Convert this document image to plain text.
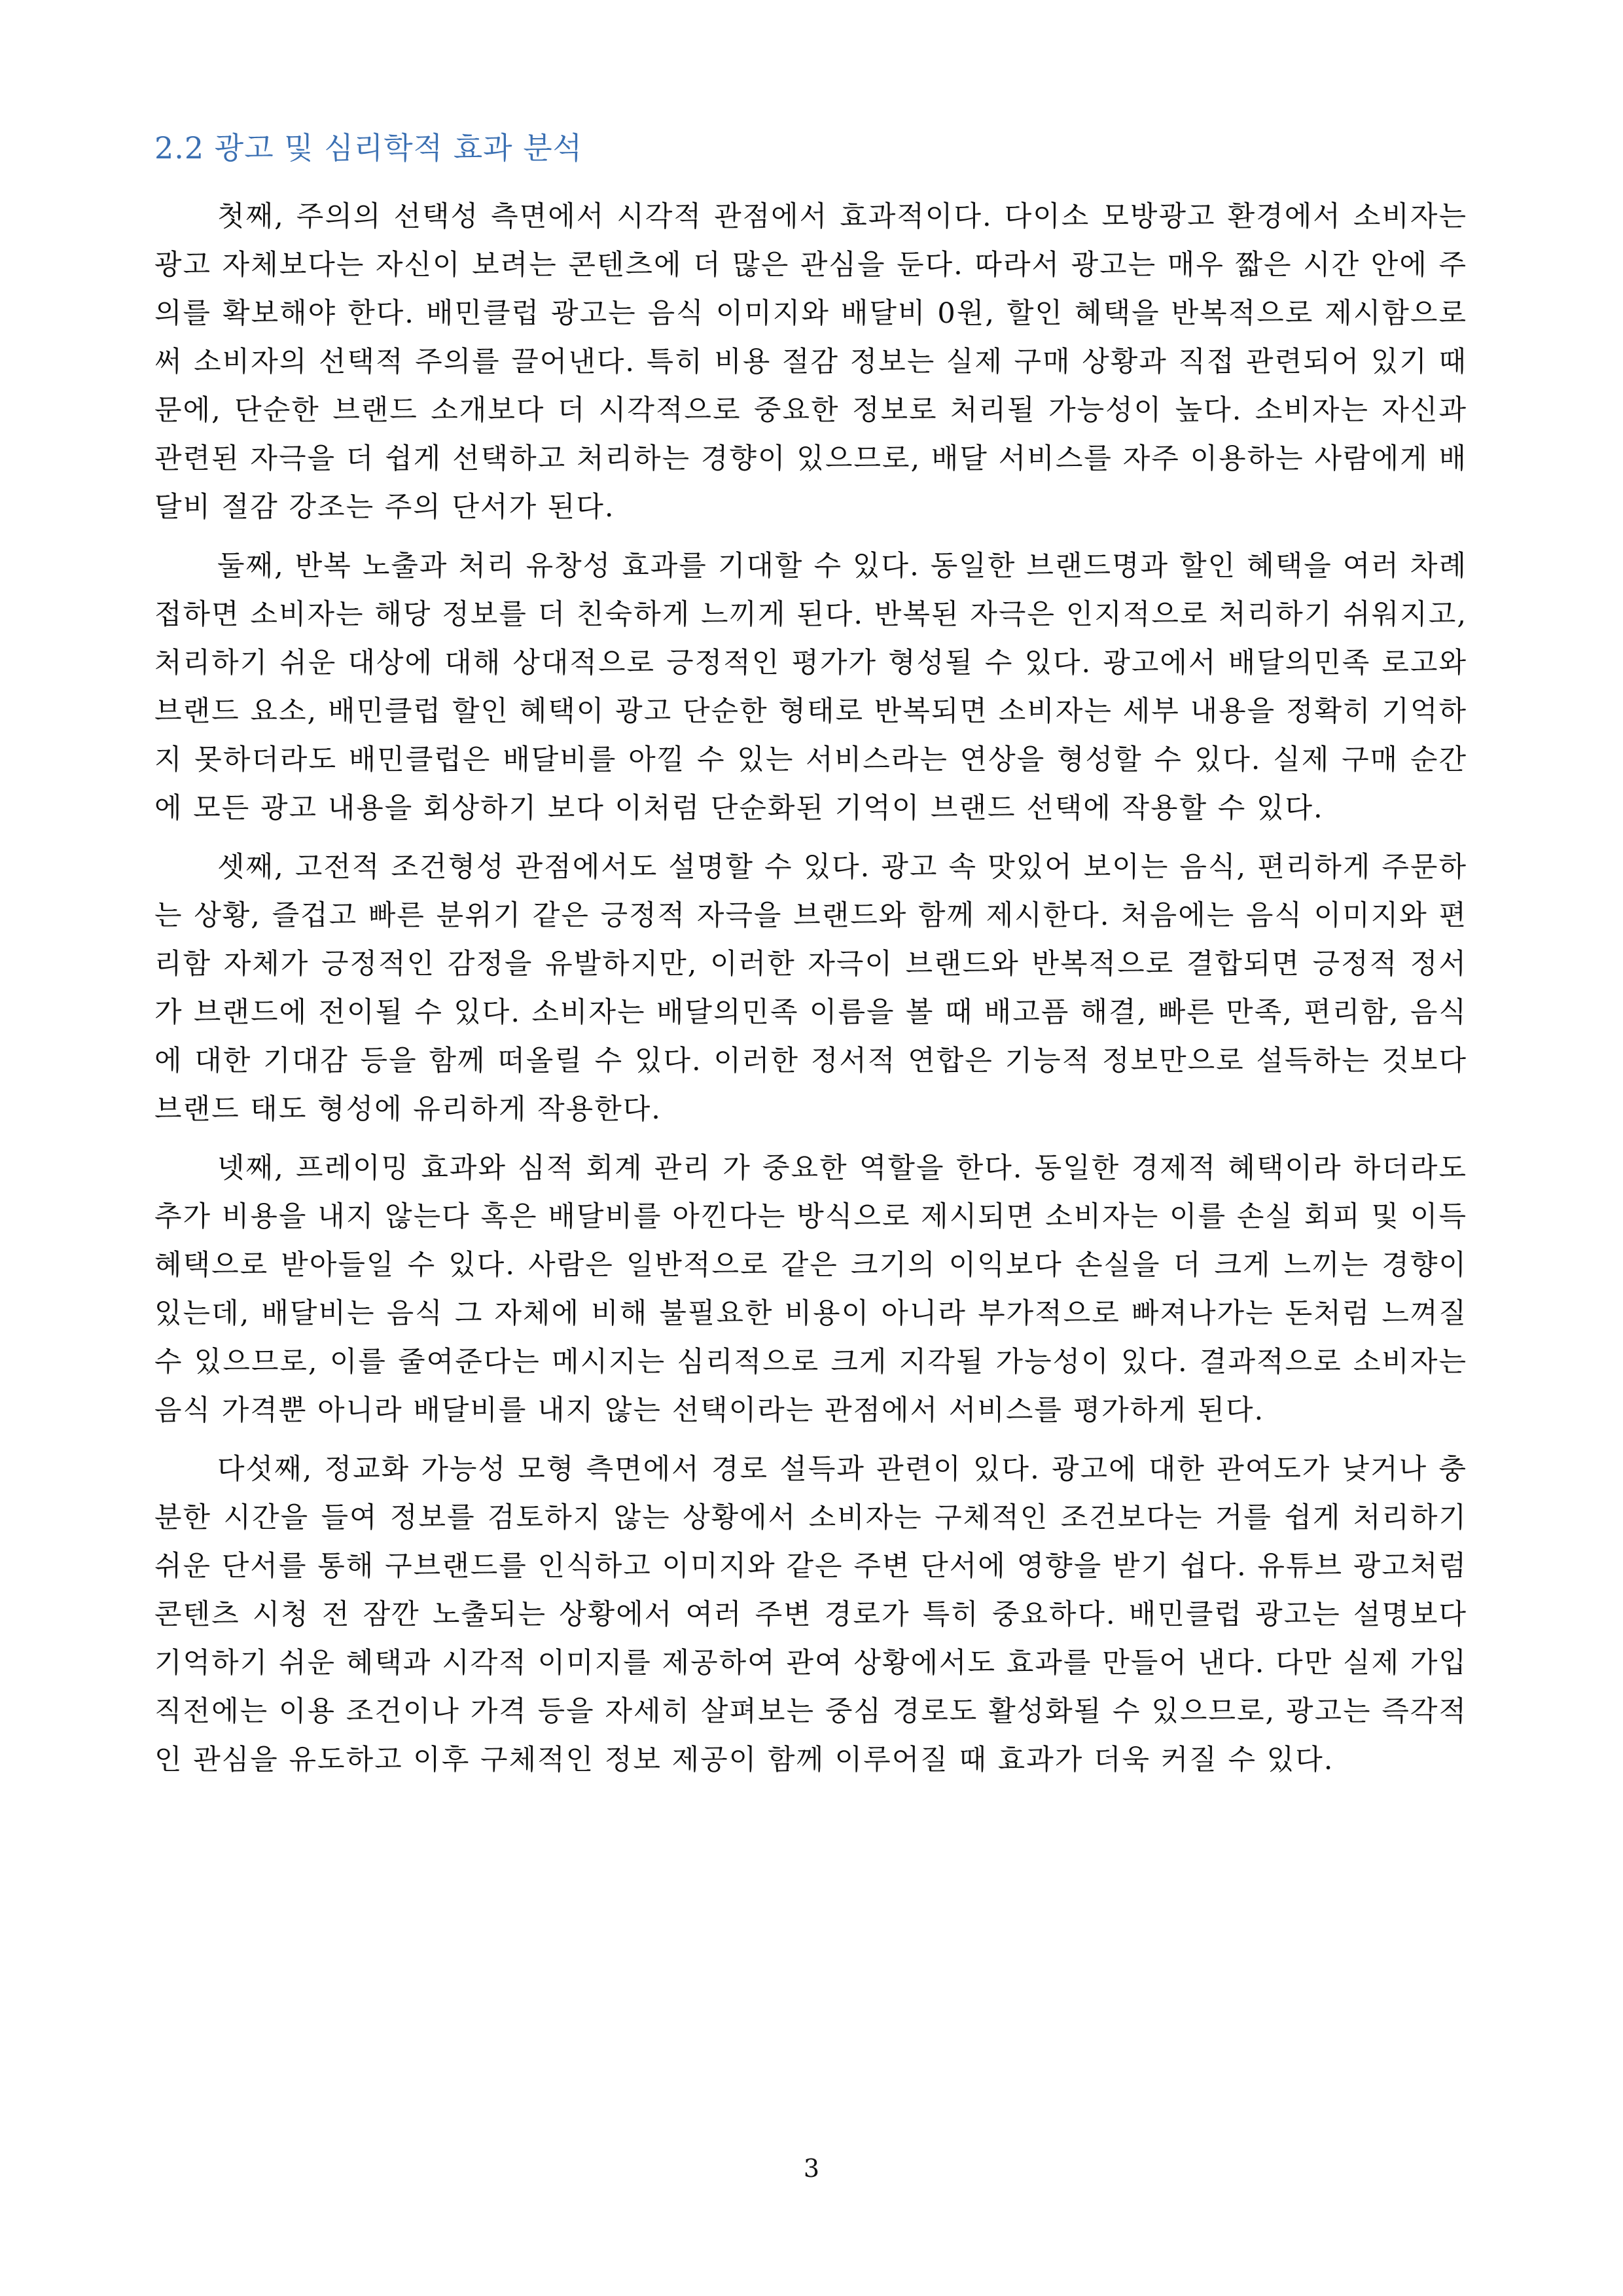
2.2 광고 및 심리학적 효과 분석

첫째, 주의의 선택성 측면에서 시각적 관점에서 효과적이다. 다이소 모방광고 환경에서 소비자는 광고 자체보다는 자신이 보려는 콘텐츠에 더 많은 관심을 둔다. 따라서 광고는 매우 짧은 시간 안에 주의를 확보해야 한다. 배민클럽 광고는 음식 이미지와 배달비 0원, 할인 혜택을 반복적으로 제시함으로써 소비자의 선택적 주의를 끌어낸다. 특히 비용 절감 정보는 실제 구매 상황과 직접 관련되어 있기 때문에, 단순한 브랜드 소개보다 더 시각적으로 중요한 정보로 처리될 가능성이 높다. 소비자는 자신과 관련된 자극을 더 쉽게 선택하고 처리하는 경향이 있으므로, 배달 서비스를 자주 이용하는 사람에게 배달비 절감 강조는 주의 단서가 된다.

둘째, 반복 노출과 처리 유창성 효과를 기대할 수 있다. 동일한 브랜드명과 할인 혜택을 여러 차례 접하면 소비자는 해당 정보를 더 친숙하게 느끼게 된다. 반복된 자극은 인지적으로 처리하기 쉬워지고, 처리하기 쉬운 대상에 대해 상대적으로 긍정적인 평가가 형성될 수 있다. 광고에서 배달의민족 로고와 브랜드 요소, 배민클럽 할인 혜택이 광고 단순한 형태로 반복되면 소비자는 세부 내용을 정확히 기억하지 못하더라도 배민클럽은 배달비를 아낄 수 있는 서비스라는 연상을 형성할 수 있다. 실제 구매 순간에 모든 광고 내용을 회상하기 보다 이처럼 단순화된 기억이 브랜드 선택에 작용할 수 있다.

셋째, 고전적 조건형성 관점에서도 설명할 수 있다. 광고 속 맛있어 보이는 음식, 편리하게 주문하는 상황, 즐겁고 빠른 분위기 같은 긍정적 자극을 브랜드와 함께 제시한다. 처음에는 음식 이미지와 편리함 자체가 긍정적인 감정을 유발하지만, 이러한 자극이 브랜드와 반복적으로 결합되면 긍정적 정서가 브랜드에 전이될 수 있다. 소비자는 배달의민족 이름을 볼 때 배고픔 해결, 빠른 만족, 편리함, 음식에 대한 기대감 등을 함께 떠올릴 수 있다. 이러한 정서적 연합은 기능적 정보만으로 설득하는 것보다 브랜드 태도 형성에 유리하게 작용한다.

넷째, 프레이밍 효과와 심적 회계 관리 가 중요한 역할을 한다. 동일한 경제적 혜택이라 하더라도 추가 비용을 내지 않는다 혹은 배달비를 아낀다는 방식으로 제시되면 소비자는 이를 손실 회피 및 이득 혜택으로 받아들일 수 있다. 사람은 일반적으로 같은 크기의 이익보다 손실을 더 크게 느끼는 경향이 있는데, 배달비는 음식 그 자체에 비해 불필요한 비용이 아니라 부가적으로 빠져나가는 돈처럼 느껴질 수 있으므로, 이를 줄여준다는 메시지는 심리적으로 크게 지각될 가능성이 있다. 결과적으로 소비자는 음식 가격뿐 아니라 배달비를 내지 않는 선택이라는 관점에서 서비스를 평가하게 된다.

다섯째, 정교화 가능성 모형 측면에서 경로 설득과 관련이 있다. 광고에 대한 관여도가 낮거나 충분한 시간을 들여 정보를 검토하지 않는 상황에서 소비자는 구체적인 조건보다는 거를 쉽게 처리하기 쉬운 단서를 통해 구브랜드를 인식하고 이미지와 같은 주변 단서에 영향을 받기 쉽다. 유튜브 광고처럼 콘텐츠 시청 전 잠깐 노출되는 상황에서 여러 주변 경로가 특히 중요하다. 배민클럽 광고는 설명보다 기억하기 쉬운 혜택과 시각적 이미지를 제공하여 관여 상황에서도 효과를 만들어 낸다. 다만 실제 가입 직전에는 이용 조건이나 가격 등을 자세히 살펴보는 중심 경로도 활성화될 수 있으므로, 광고는 즉각적인 관심을 유도하고 이후 구체적인 정보 제공이 함께 이루어질 때 효과가 더욱 커질 수 있다.

3
